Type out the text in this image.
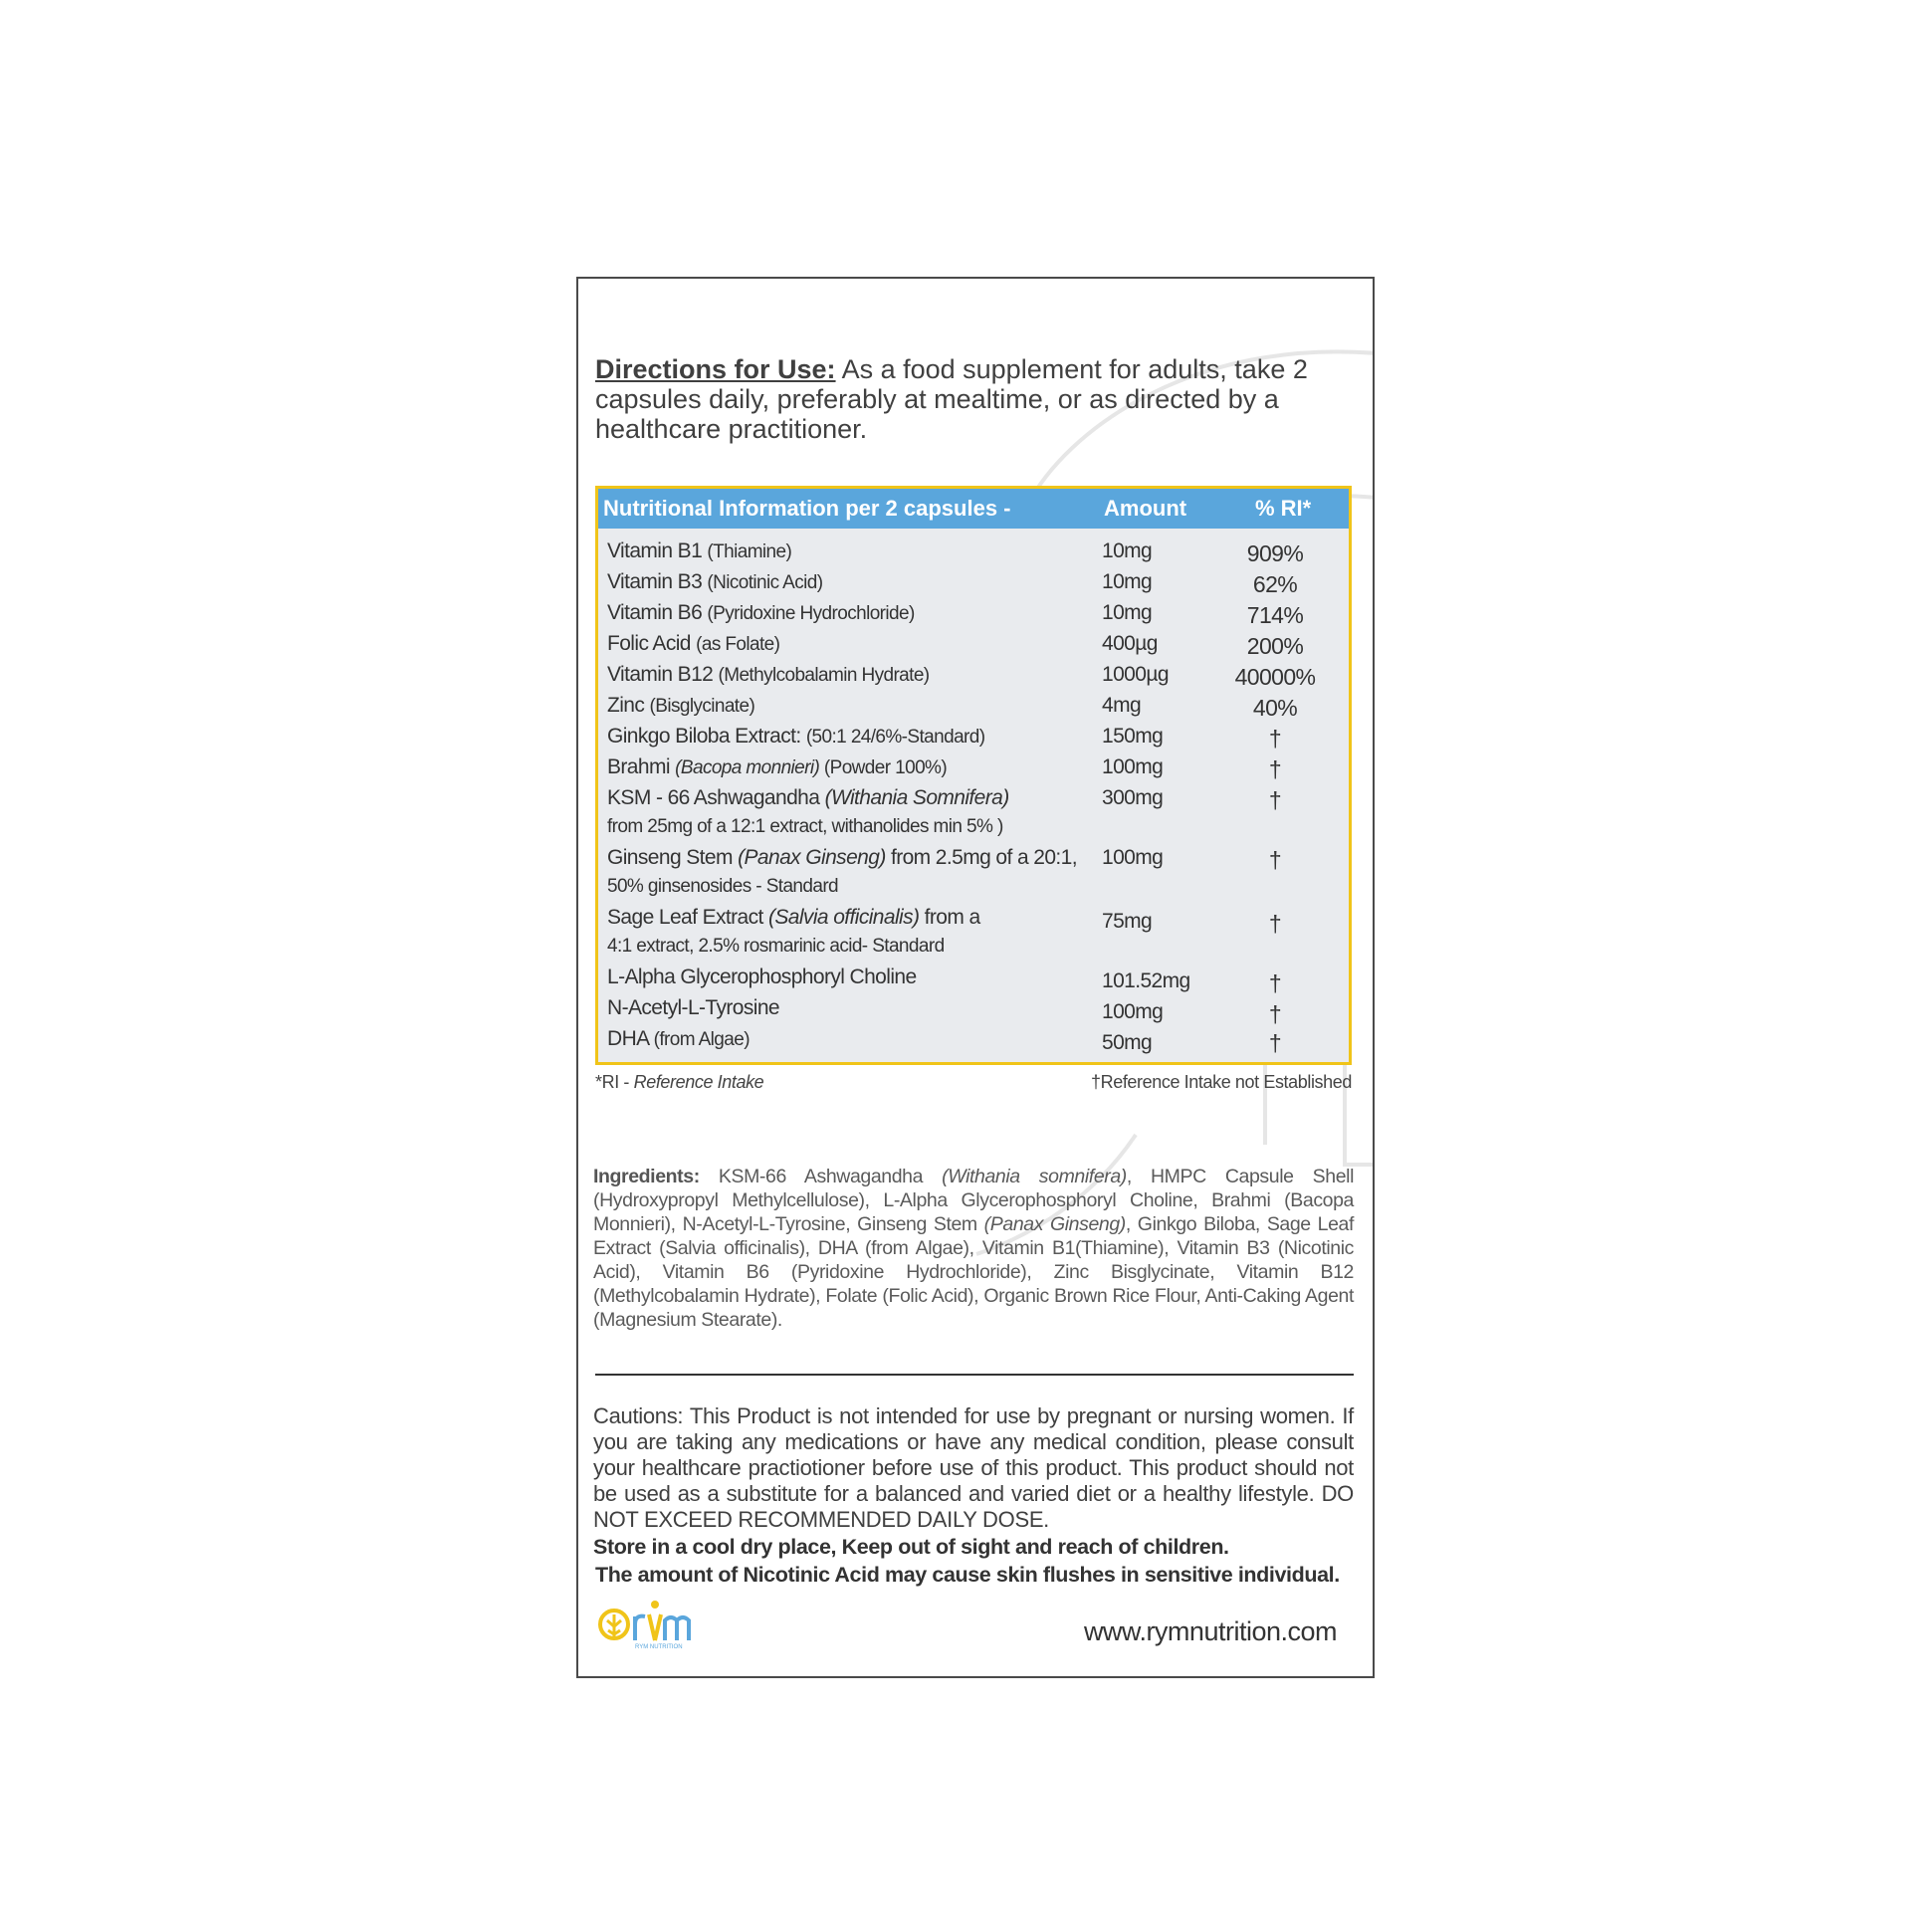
Directions for Use: As a food supplement for adults, take 2 capsules daily, preferably at mealtime, or as directed by a healthcare practitioner.
Nutritional Information per 2 capsules -	Amount	% RI*
Vitamin B1 (Thiamine)	10mg	909%
Vitamin B3 (Nicotinic Acid)	10mg	62%
Vitamin B6 (Pyridoxine Hydrochloride)	10mg	714%
Folic Acid (as Folate)	400µg	200%
Vitamin B12 (Methylcobalamin Hydrate)	1000µg	40000%
Zinc (Bisglycinate)	4mg	40%
Ginkgo Biloba Extract: (50:1 24/6%-Standard)	150mg	†
Brahmi (Bacopa monnieri) (Powder 100%)	100mg	†
KSM - 66 Ashwagandha (Withania Somnifera)
from 25mg of a 12:1 extract, withanolides min 5% )
300mg	†
Ginseng Stem (Panax Ginseng) from 2.5mg of a 20:1,
50% ginsenosides - Standard
100mg	†
Sage Leaf Extract (Salvia officinalis) from a
4:1 extract, 2.5% rosmarinic acid- Standard
75mg	†
L-Alpha Glycerophosphoryl Choline	101.52mg	†
N-Acetyl-L-Tyrosine	100mg	†
DHA (from Algae)	50mg	†
*RI - Reference Intake	†Reference Intake not Established
Ingredients: KSM-66 Ashwagandha (Withania somnifera), HMPC Capsule Shell (Hydroxypropyl Methylcellulose), L-Alpha Glycerophosphoryl Choline, Brahmi (Bacopa Monnieri), N-Acetyl-L-Tyrosine, Ginseng Stem (Panax Ginseng), Ginkgo Biloba, Sage Leaf Extract (Salvia officinalis), DHA (from Algae), Vitamin B1(Thiamine), Vitamin B3 (Nicotinic Acid), Vitamin B6 (Pyridoxine Hydrochloride), Zinc Bisglycinate, Vitamin B12 (Methylcobalamin Hydrate), Folate (Folic Acid), Organic Brown Rice Flour, Anti-Caking Agent (Magnesium Stearate).
Cautions: This Product is not intended for use by pregnant or nursing women. If you are taking any medications or have any medical condition, please consult your healthcare practiotioner before use of this product. This product should not be used as a substitute for a balanced and varied diet or a healthy lifestyle. DO NOT EXCEED RECOMMENDED DAILY DOSE.
Store in a cool dry place, Keep out of sight and reach of children.
The amount of Nicotinic Acid may cause skin flushes in sensitive individual.
RYM NUTRITION
www.rymnutrition.com
